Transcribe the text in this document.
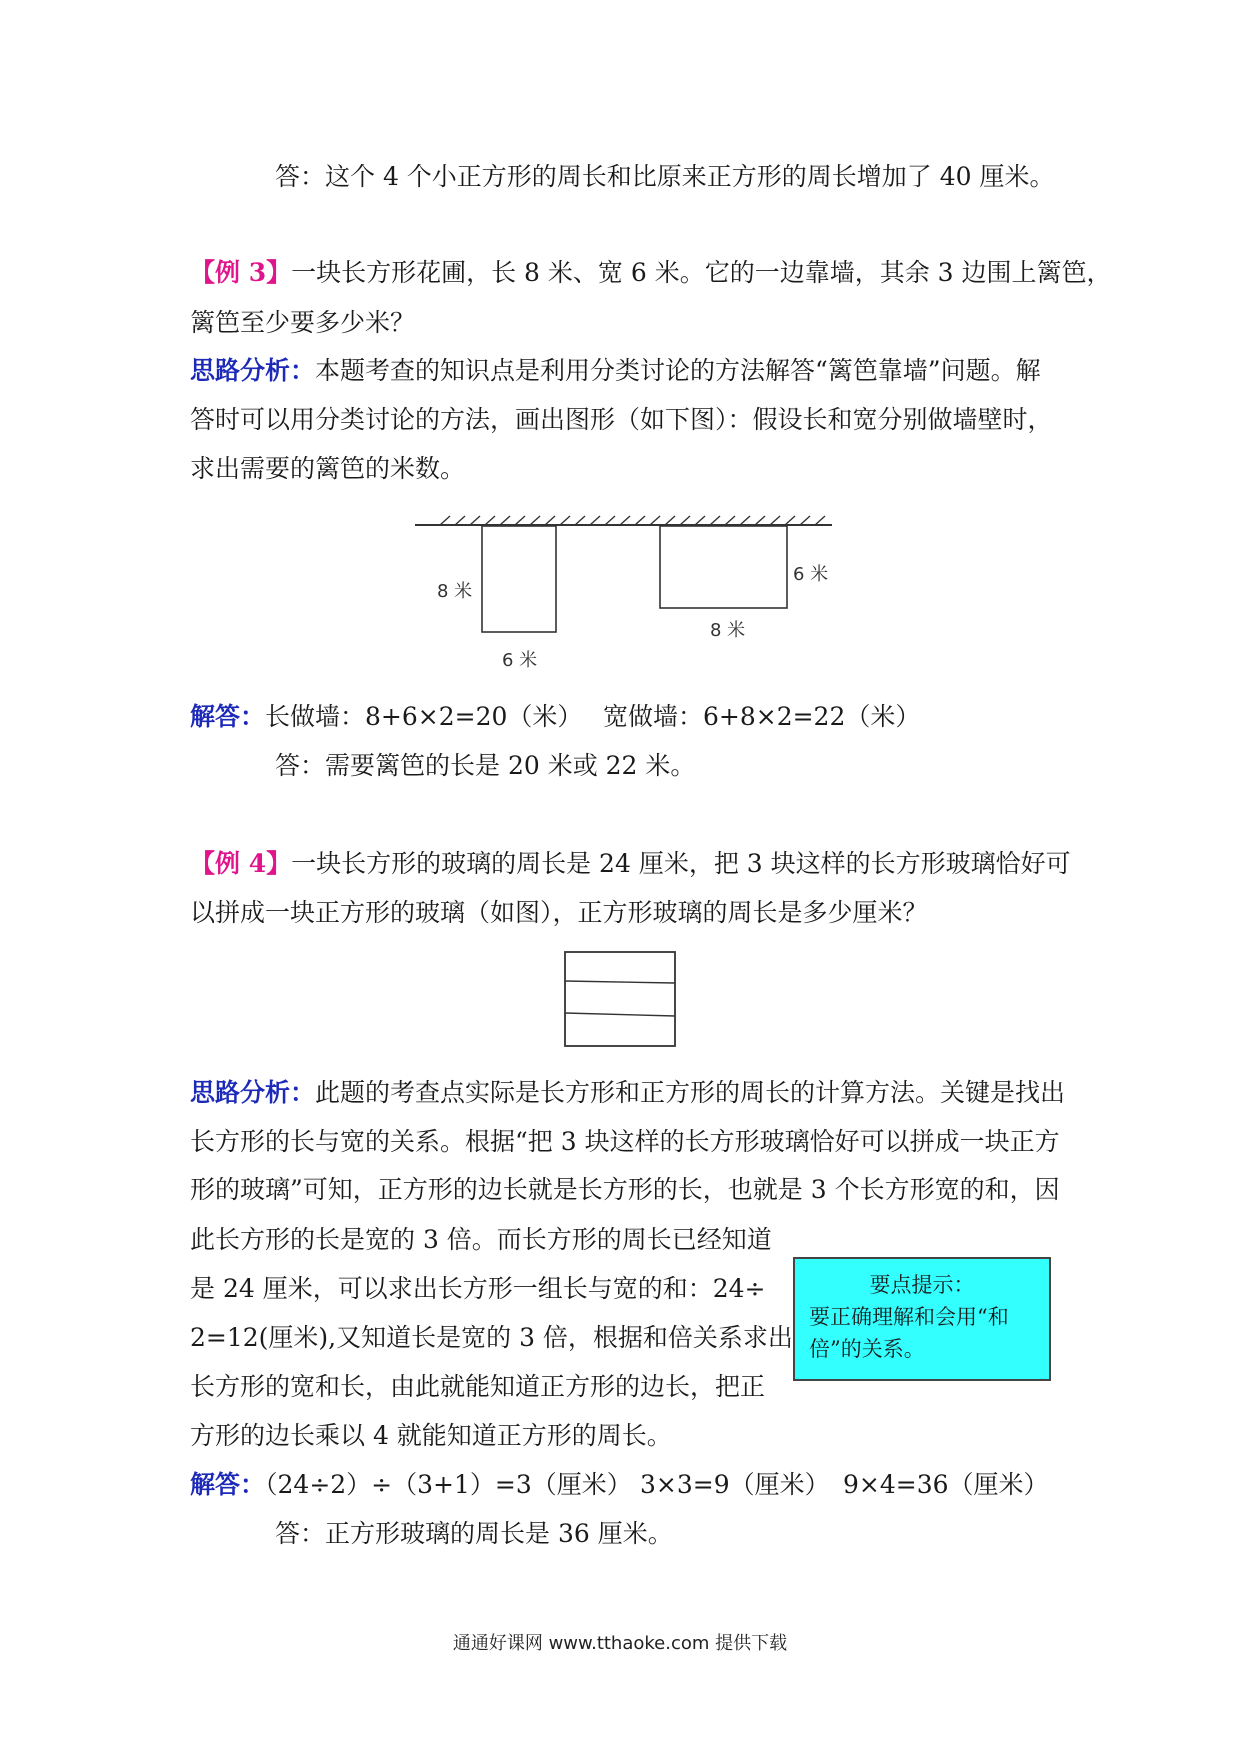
答：这个 4 个小正方形的周长和比原来正方形的周长增加了 40 厘米。
【例 3】一块长方形花圃，长 8 米、宽 6 米。它的一边靠墙，其余 3 边围上篱笆，
篱笆至少要多少米？
思路分析：本题考查的知识点是利用分类讨论的方法解答“篱笆靠墙”问题。解
答时可以用分类讨论的方法，画出图形（如下图）：假设长和宽分别做墙壁时，
求出需要的篱笆的米数。
8 米
6 米
6 米
8 米
解答：长做墙：8+6×2=20（米） 宽做墙：6+8×2=22（米）
答：需要篱笆的长是 20 米或 22 米。
【例 4】一块长方形的玻璃的周长是 24 厘米，把 3 块这样的长方形玻璃恰好可
以拼成一块正方形的玻璃（如图），正方形玻璃的周长是多少厘米？
思路分析：此题的考查点实际是长方形和正方形的周长的计算方法。关键是找出
长方形的长与宽的关系。根据“把 3 块这样的长方形玻璃恰好可以拼成一块正方
形的玻璃”可知，正方形的边长就是长方形的长，也就是 3 个长方形宽的和，因
此长方形的长是宽的 3 倍。而长方形的周长已经知道
是 24 厘米，可以求出长方形一组长与宽的和：24÷
2=12(厘米),又知道长是宽的 3 倍，根据和倍关系求出
长方形的宽和长，由此就能知道正方形的边长，把正
方形的边长乘以 4 就能知道正方形的周长。
要点提示：
要正确理解和会用“和
倍”的关系。
解答：（24÷2）÷（3+1）=3（厘米） 3×3=9（厘米） 9×4=36（厘米）
答：正方形玻璃的周长是 36 厘米。
通通好课网 www.tthaoke.com 提供下载
